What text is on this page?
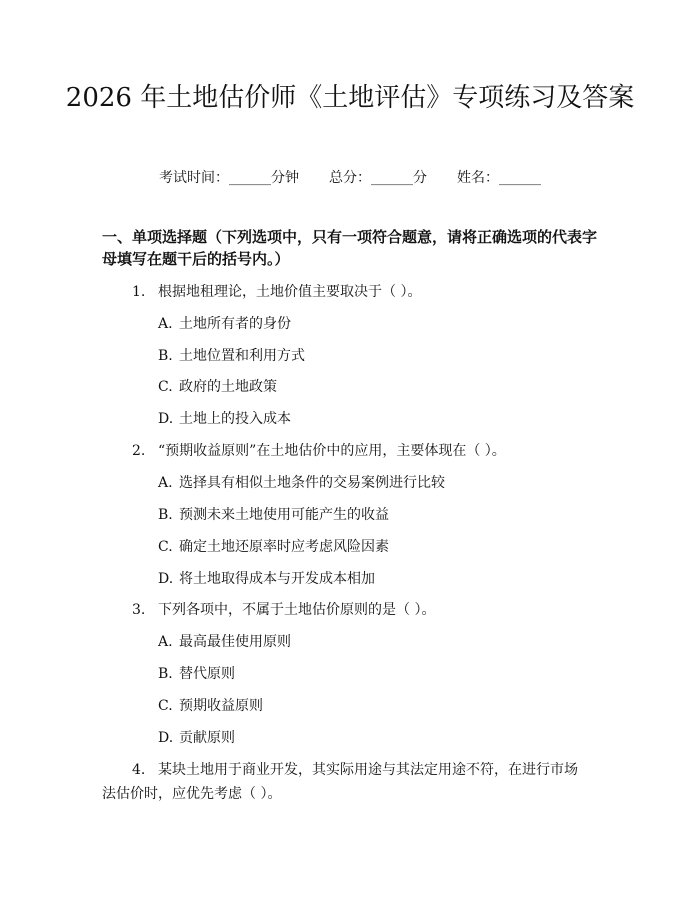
2026 年土地估价师《土地评估》专项练习及答案
考试时间：______分钟 总分：______分 姓名：______
一、单项选择题（下列选项中，只有一项符合题意，请将正确选项的代表字母填写在题干后的括号内。）
1. 根据地租理论，土地价值主要取决于（ ）。
A. 土地所有者的身份
B. 土地位置和利用方式
C. 政府的土地政策
D. 土地上的投入成本
2. “预期收益原则”在土地估价中的应用，主要体现在（ ）。
A. 选择具有相似土地条件的交易案例进行比较
B. 预测未来土地使用可能产生的收益
C. 确定土地还原率时应考虑风险因素
D. 将土地取得成本与开发成本相加
3. 下列各项中，不属于土地估价原则的是（ ）。
A. 最高最佳使用原则
B. 替代原则
C. 预期收益原则
D. 贡献原则
4. 某块土地用于商业开发，其实际用途与其法定用途不符，在进行市场法估价时，应优先考虑（ ）。
